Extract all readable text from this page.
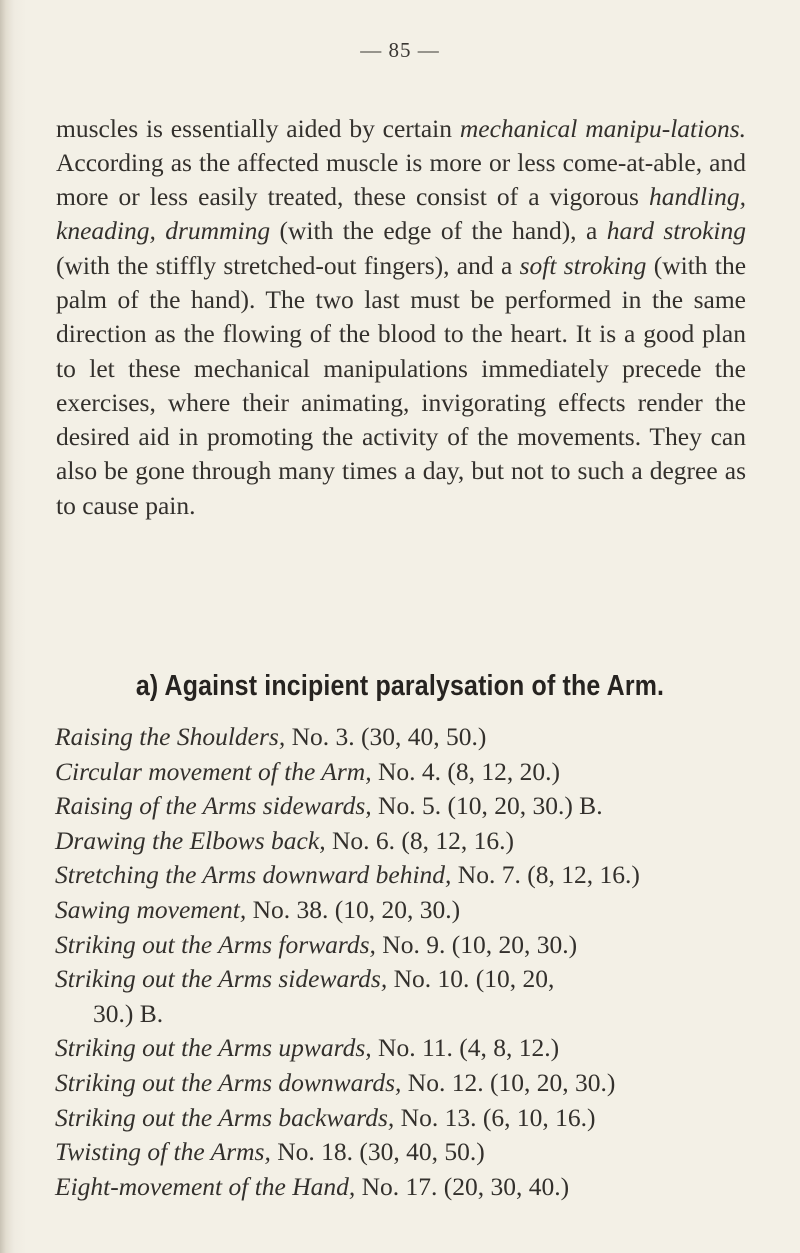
— 85 —

muscles is essentially aided by certain mechanical manipu-lations. According as the affected muscle is more or less come-at-able, and more or less easily treated, these consist of a vigorous handling, kneading, drumming (with the edge of the hand), a hard stroking (with the stiffly stretched-out fingers), and a soft stroking (with the palm of the hand). The two last must be performed in the same direction as the flowing of the blood to the heart. It is a good plan to let these mechanical manipulations immediately precede the exercises, where their animating, invigorating effects render the desired aid in promoting the activity of the movements. They can also be gone through many times a day, but not to such a degree as to cause pain.

a) Against incipient paralysation of the Arm.
Raising the Shoulders, No. 3. (30, 40, 50.)
Circular movement of the Arm, No. 4. (8, 12, 20.)
Raising of the Arms sidewards, No. 5. (10, 20, 30.) B.
Drawing the Elbows back, No. 6. (8, 12, 16.)
Stretching the Arms downward behind, No. 7. (8, 12, 16.)
Sawing movement, No. 38. (10, 20, 30.)
Striking out the Arms forwards, No. 9. (10, 20, 30.)
Striking out the Arms sidewards, No. 10. (10, 20,
30.) B.
Striking out the Arms upwards, No. 11. (4, 8, 12.)
Striking out the Arms downwards, No. 12. (10, 20, 30.)
Striking out the Arms backwards, No. 13. (6, 10, 16.)
Twisting of the Arms, No. 18. (30, 40, 50.)
Eight-movement of the Hand, No. 17. (20, 30, 40.)
